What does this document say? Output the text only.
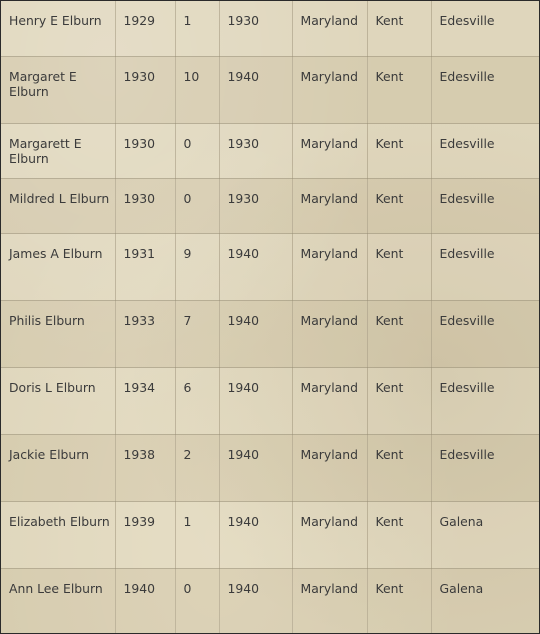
Henry E Elburn	1929	1	1930	Maryland	Kent	Edesville
Margaret E Elburn	1930	10	1940	Maryland	Kent	Edesville
Margarett E Elburn	1930	0	1930	Maryland	Kent	Edesville
Mildred L Elburn	1930	0	1930	Maryland	Kent	Edesville
James A Elburn	1931	9	1940	Maryland	Kent	Edesville
Philis Elburn	1933	7	1940	Maryland	Kent	Edesville
Doris L Elburn	1934	6	1940	Maryland	Kent	Edesville
Jackie Elburn	1938	2	1940	Maryland	Kent	Edesville
Elizabeth Elburn	1939	1	1940	Maryland	Kent	Galena
Ann Lee Elburn	1940	0	1940	Maryland	Kent	Galena
